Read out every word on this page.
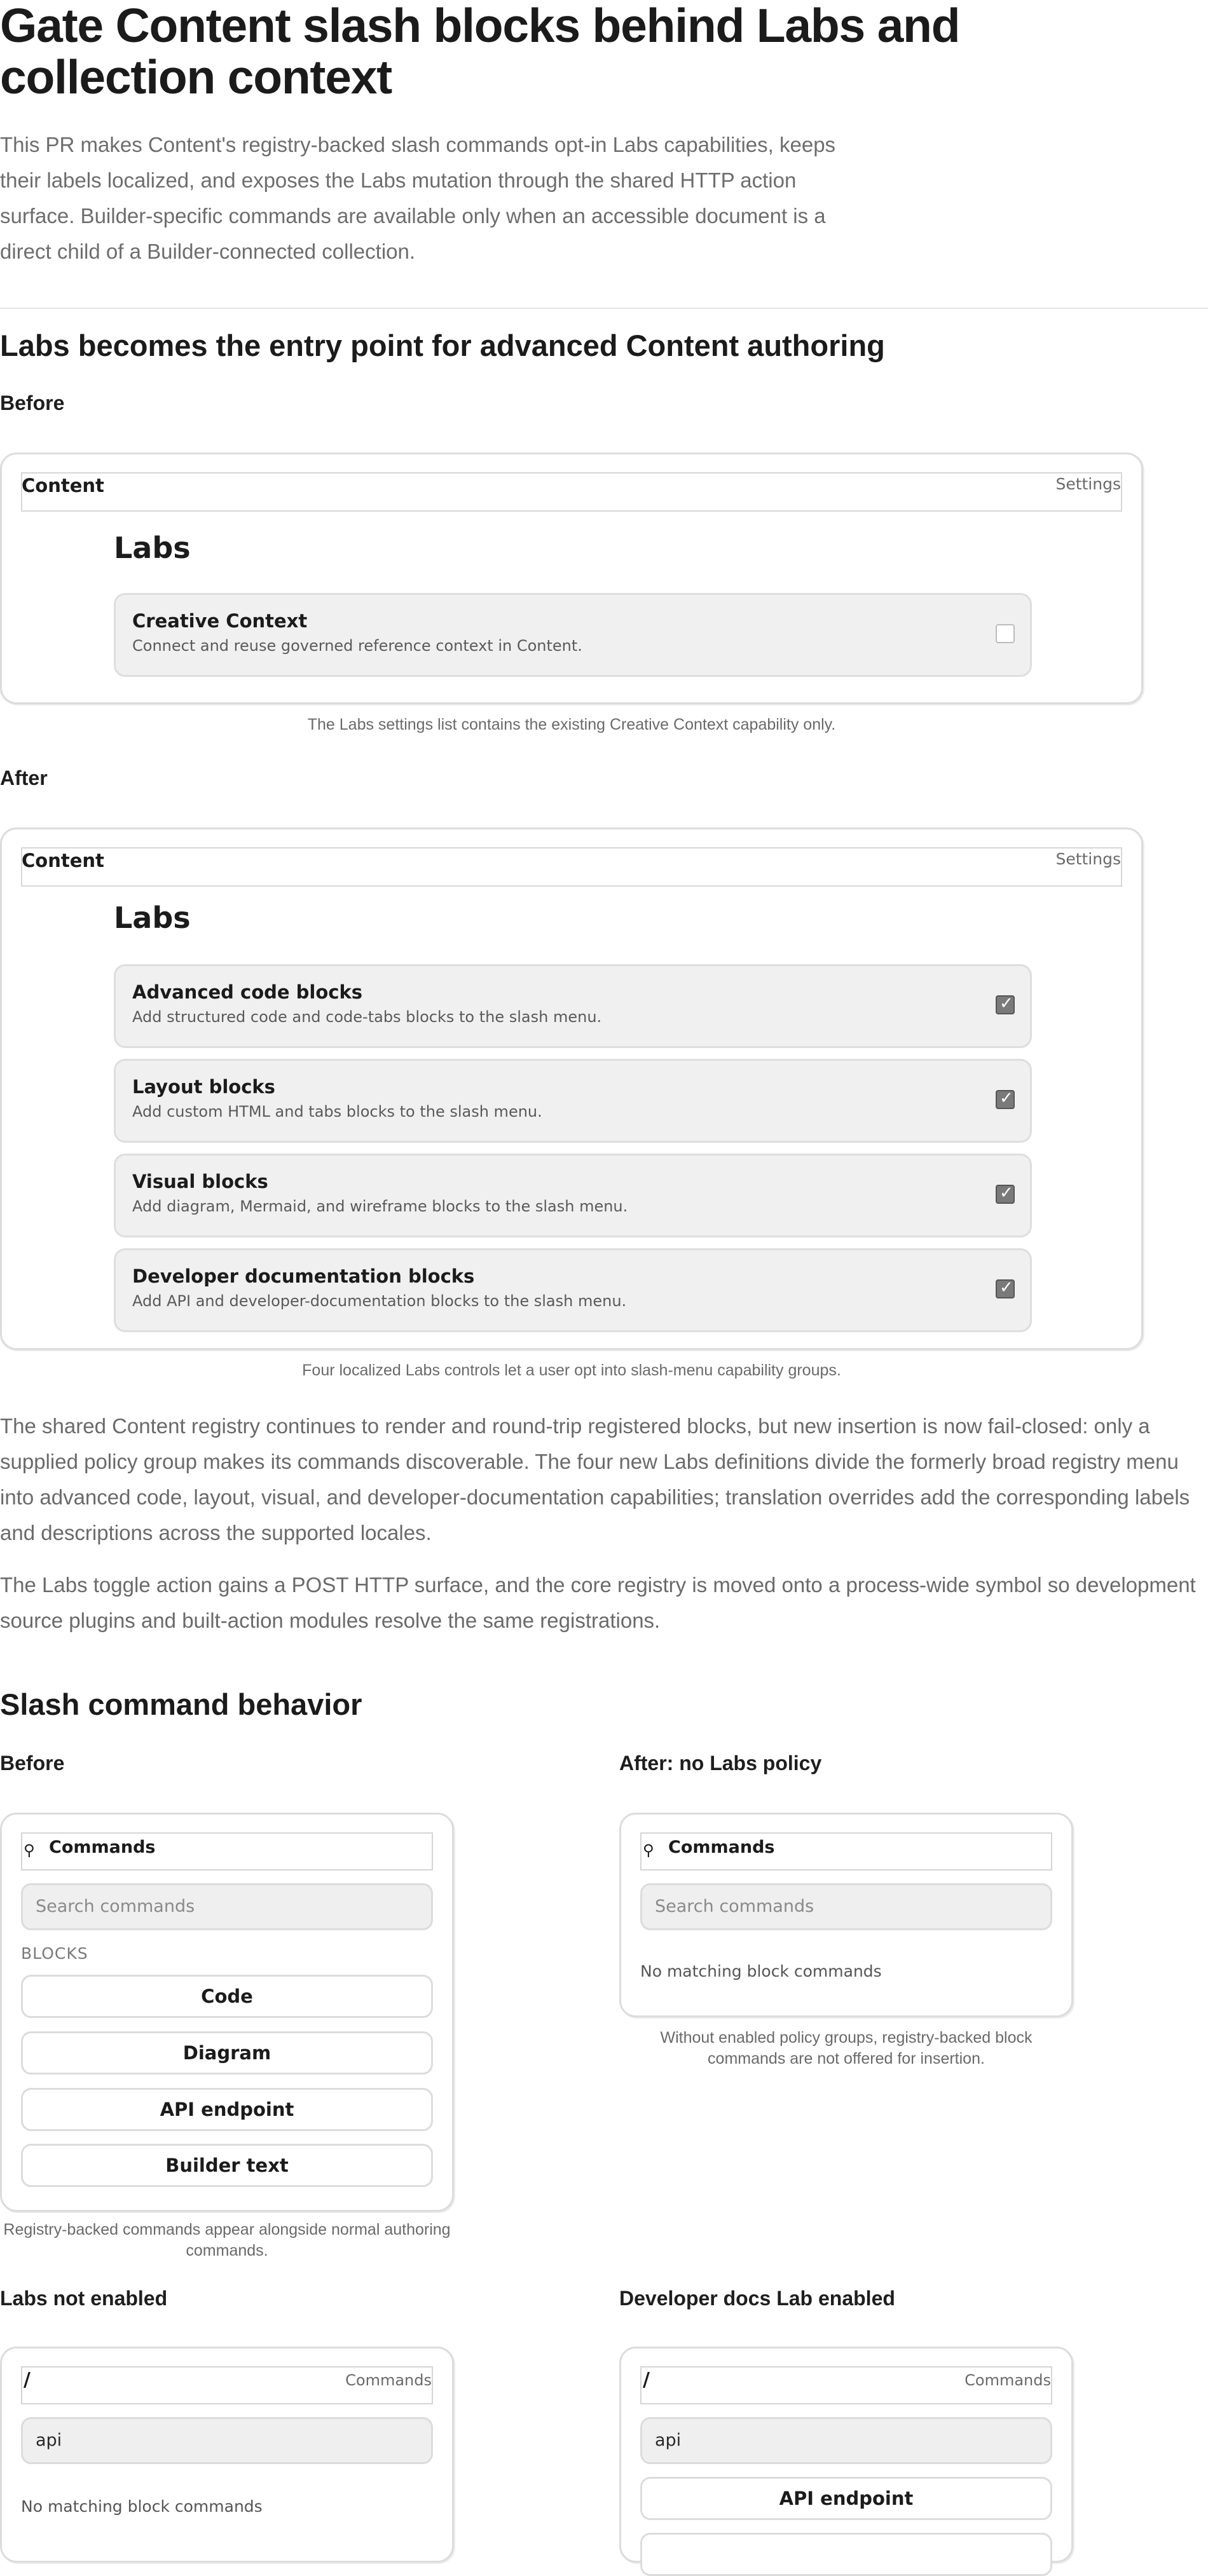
Gate Content slash blocks behind Labs and collection context

This PR makes Content's registry-backed slash commands opt-in Labs capabilities, keeps their labels localized, and exposes the Labs mutation through the shared HTTP action surface. Builder-specific commands are available only when an accessible document is a direct child of a Builder-connected collection.

Labs becomes the entry point for advanced Content authoring
Before
Content	Settings
Labs
Creative Context
Connect and reuse governed reference context in Content.

The Labs settings list contains the existing Creative Context capability only.

After
Content	Settings
Labs
Advanced code blocks
Add structured code and code-tabs blocks to the slash menu.
✓
Layout blocks
Add custom HTML and tabs blocks to the slash menu.
✓
Visual blocks
Add diagram, Mermaid, and wireframe blocks to the slash menu.
✓
Developer documentation blocks
Add API and developer-documentation blocks to the slash menu.
✓

Four localized Labs controls let a user opt into slash-menu capability groups.

The shared Content registry continues to render and round-trip registered blocks, but new insertion is now fail-closed: only a supplied policy group makes its commands discoverable. The four new Labs definitions divide the formerly broad registry menu into advanced code, layout, visual, and developer-documentation capabilities; translation overrides add the corresponding labels and descriptions across the supported locales.

The Labs toggle action gains a POST HTTP surface, and the core registry is moved onto a process-wide symbol so development source plugins and built-action modules resolve the same registrations.

Slash command behavior
Before	After: no Labs policy
⚲ Commands
Search commands
BLOCKS
Code
Diagram
API endpoint
Builder text

Registry-backed commands appear alongside normal authoring commands.

⚲ Commands
Search commands
No matching block commands

Without enabled policy groups, registry-backed block commands are not offered for insertion.

Labs not enabled	Developer docs Lab enabled
/	Commands
api
No matching block commands
/	Commands
api
API endpoint
